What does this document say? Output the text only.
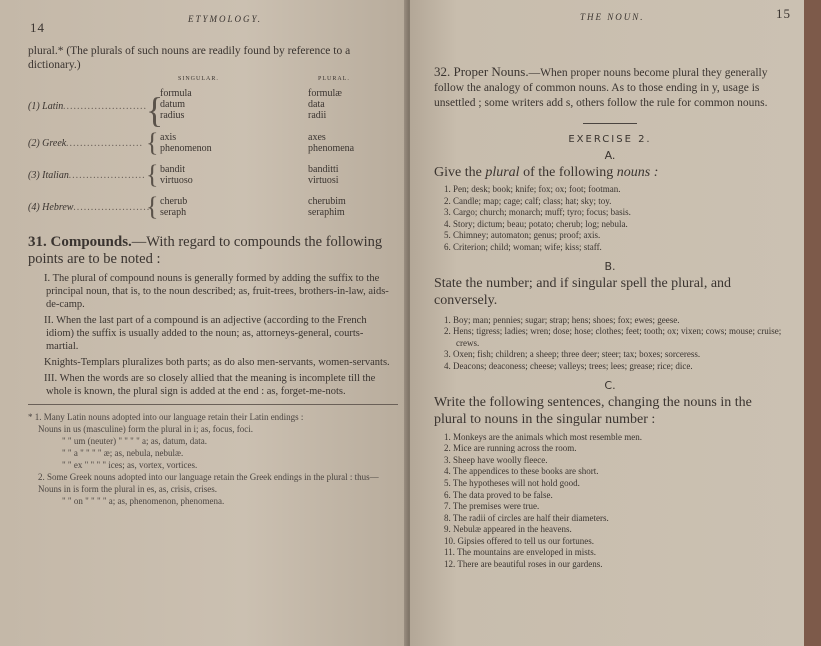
14
ETYMOLOGY.

plural.* (The plurals of such nouns are readily found by reference to a dictionary.)

SINGULAR.	PLURAL.
(1) Latin........................
{
formula
datum
radius
formulæ
data
radii
(2) Greek...................... { axis
phenomenon
axes
phenomena
(3) Italian...................... { bandit
virtuoso
banditti
virtuosi
(4) Hebrew......................
{ cherub
seraph
cherubim
seraphim
31. Compounds.—With regard to compounds the following points are to be noted :

I. The plural of compound nouns is generally formed by adding the suffix to the principal noun, that is, to the noun described; as, fruit-trees, brothers-in-law, aids-de-camp.

II. When the last part of a compound is an adjective (according to the French idiom) the suffix is usually added to the noun; as, attorneys-general, courts-martial.

Knights-Templars pluralizes both parts; as do also men-servants, women-servants.

III. When the words are so closely allied that the meaning is incomplete till the whole is known, the plural sign is added at the end : as, forget-me-nots.

* 1. Many Latin nouns adopted into our language retain their Latin endings :

Nouns in us (masculine) form the plural in i; as, focus, foci.

" " um (neuter) " " " " a; as, datum, data.

" " a " " " " æ; as, nebula, nebulæ.

" " ex " " " " ices; as, vortex, vortices.

2. Some Greek nouns adopted into our language retain the Greek endings in the plural : thus—

Nouns in is form the plural in es, as, crisis, crises.

" " on " " " " a; as, phenomenon, phenomena.

THE NOUN.	15

32. Proper Nouns.—When proper nouns become plural they generally follow the analogy of common nouns. As to those ending in y, usage is unsettled ; some writers add s, others follow the rule for common nouns.

EXERCISE 2.
A.

Give the plural of the following nouns :

1. Pen; desk; book; knife; fox; ox; foot; footman.
2. Candle; map; cage; calf; class; hat; sky; toy.
3. Cargo; church; monarch; muff; tyro; focus; basis.
4. Story; dictum; beau; potato; cherub; log; nebula.
5. Chimney; automaton; genus; proof; axis.
6. Criterion; child; woman; wife; kiss; staff.
B.

State the number; and if singular spell the plural, and conversely.

1. Boy; man; pennies; sugar; strap; hens; shoes; fox; ewes; geese.
2. Hens; tigress; ladies; wren; dose; hose; clothes; feet; tooth; ox; vixen; cows; mouse; cruise; crews.
3. Oxen; fish; children; a sheep; three deer; steer; tax; boxes; sorceress.
4. Deacons; deaconess; cheese; valleys; trees; lees; grease; rice; dice.
C.

Write the following sentences, changing the nouns in the plural to nouns in the singular number :

1. Monkeys are the animals which most resemble men.
2. Mice are running across the room.
3. Sheep have woolly fleece.
4. The appendices to these books are short.
5. The hypotheses will not hold good.
6. The data proved to be false.
7. The premises were true.
8. The radii of circles are half their diameters.
9. Nebulæ appeared in the heavens.
10. Gipsies offered to tell us our fortunes.
11. The mountains are enveloped in mists.
12. There are beautiful roses in our gardens.
